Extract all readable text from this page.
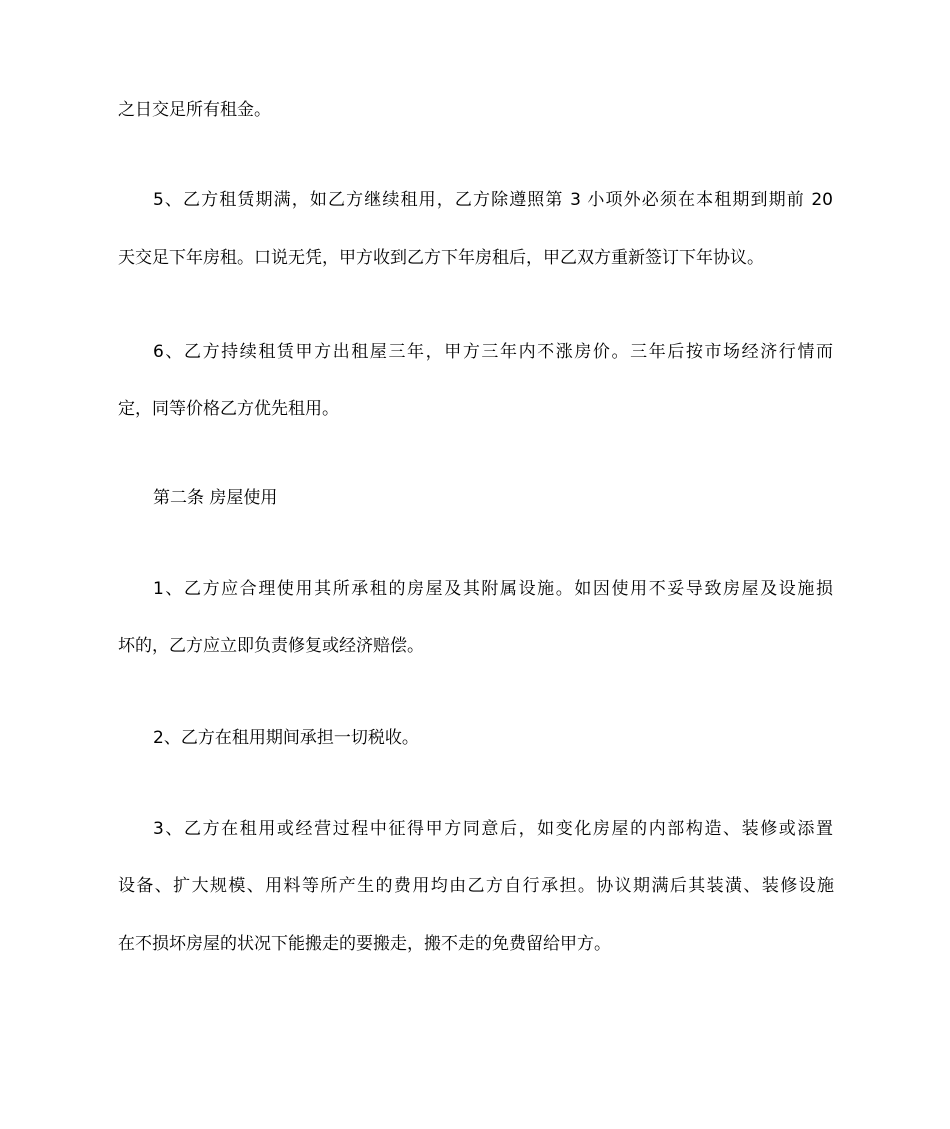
之日交足所有租金。

5、乙方租赁期满，如乙方继续租用，乙方除遵照第 3 小项外必须在本租期到期前 20

天交足下年房租。口说无凭，甲方收到乙方下年房租后，甲乙双方重新签订下年协议。

6、乙方持续租赁甲方出租屋三年，甲方三年内不涨房价。三年后按市场经济行情而

定，同等价格乙方优先租用。

第二条 房屋使用

1、乙方应合理使用其所承租的房屋及其附属设施。如因使用不妥导致房屋及设施损

坏的，乙方应立即负责修复或经济赔偿。

2、乙方在租用期间承担一切税收。

3、乙方在租用或经营过程中征得甲方同意后，如变化房屋的内部构造、装修或添置

设备、扩大规模、用料等所产生的费用均由乙方自行承担。协议期满后其装潢、装修设施

在不损坏房屋的状况下能搬走的要搬走，搬不走的免费留给甲方。
